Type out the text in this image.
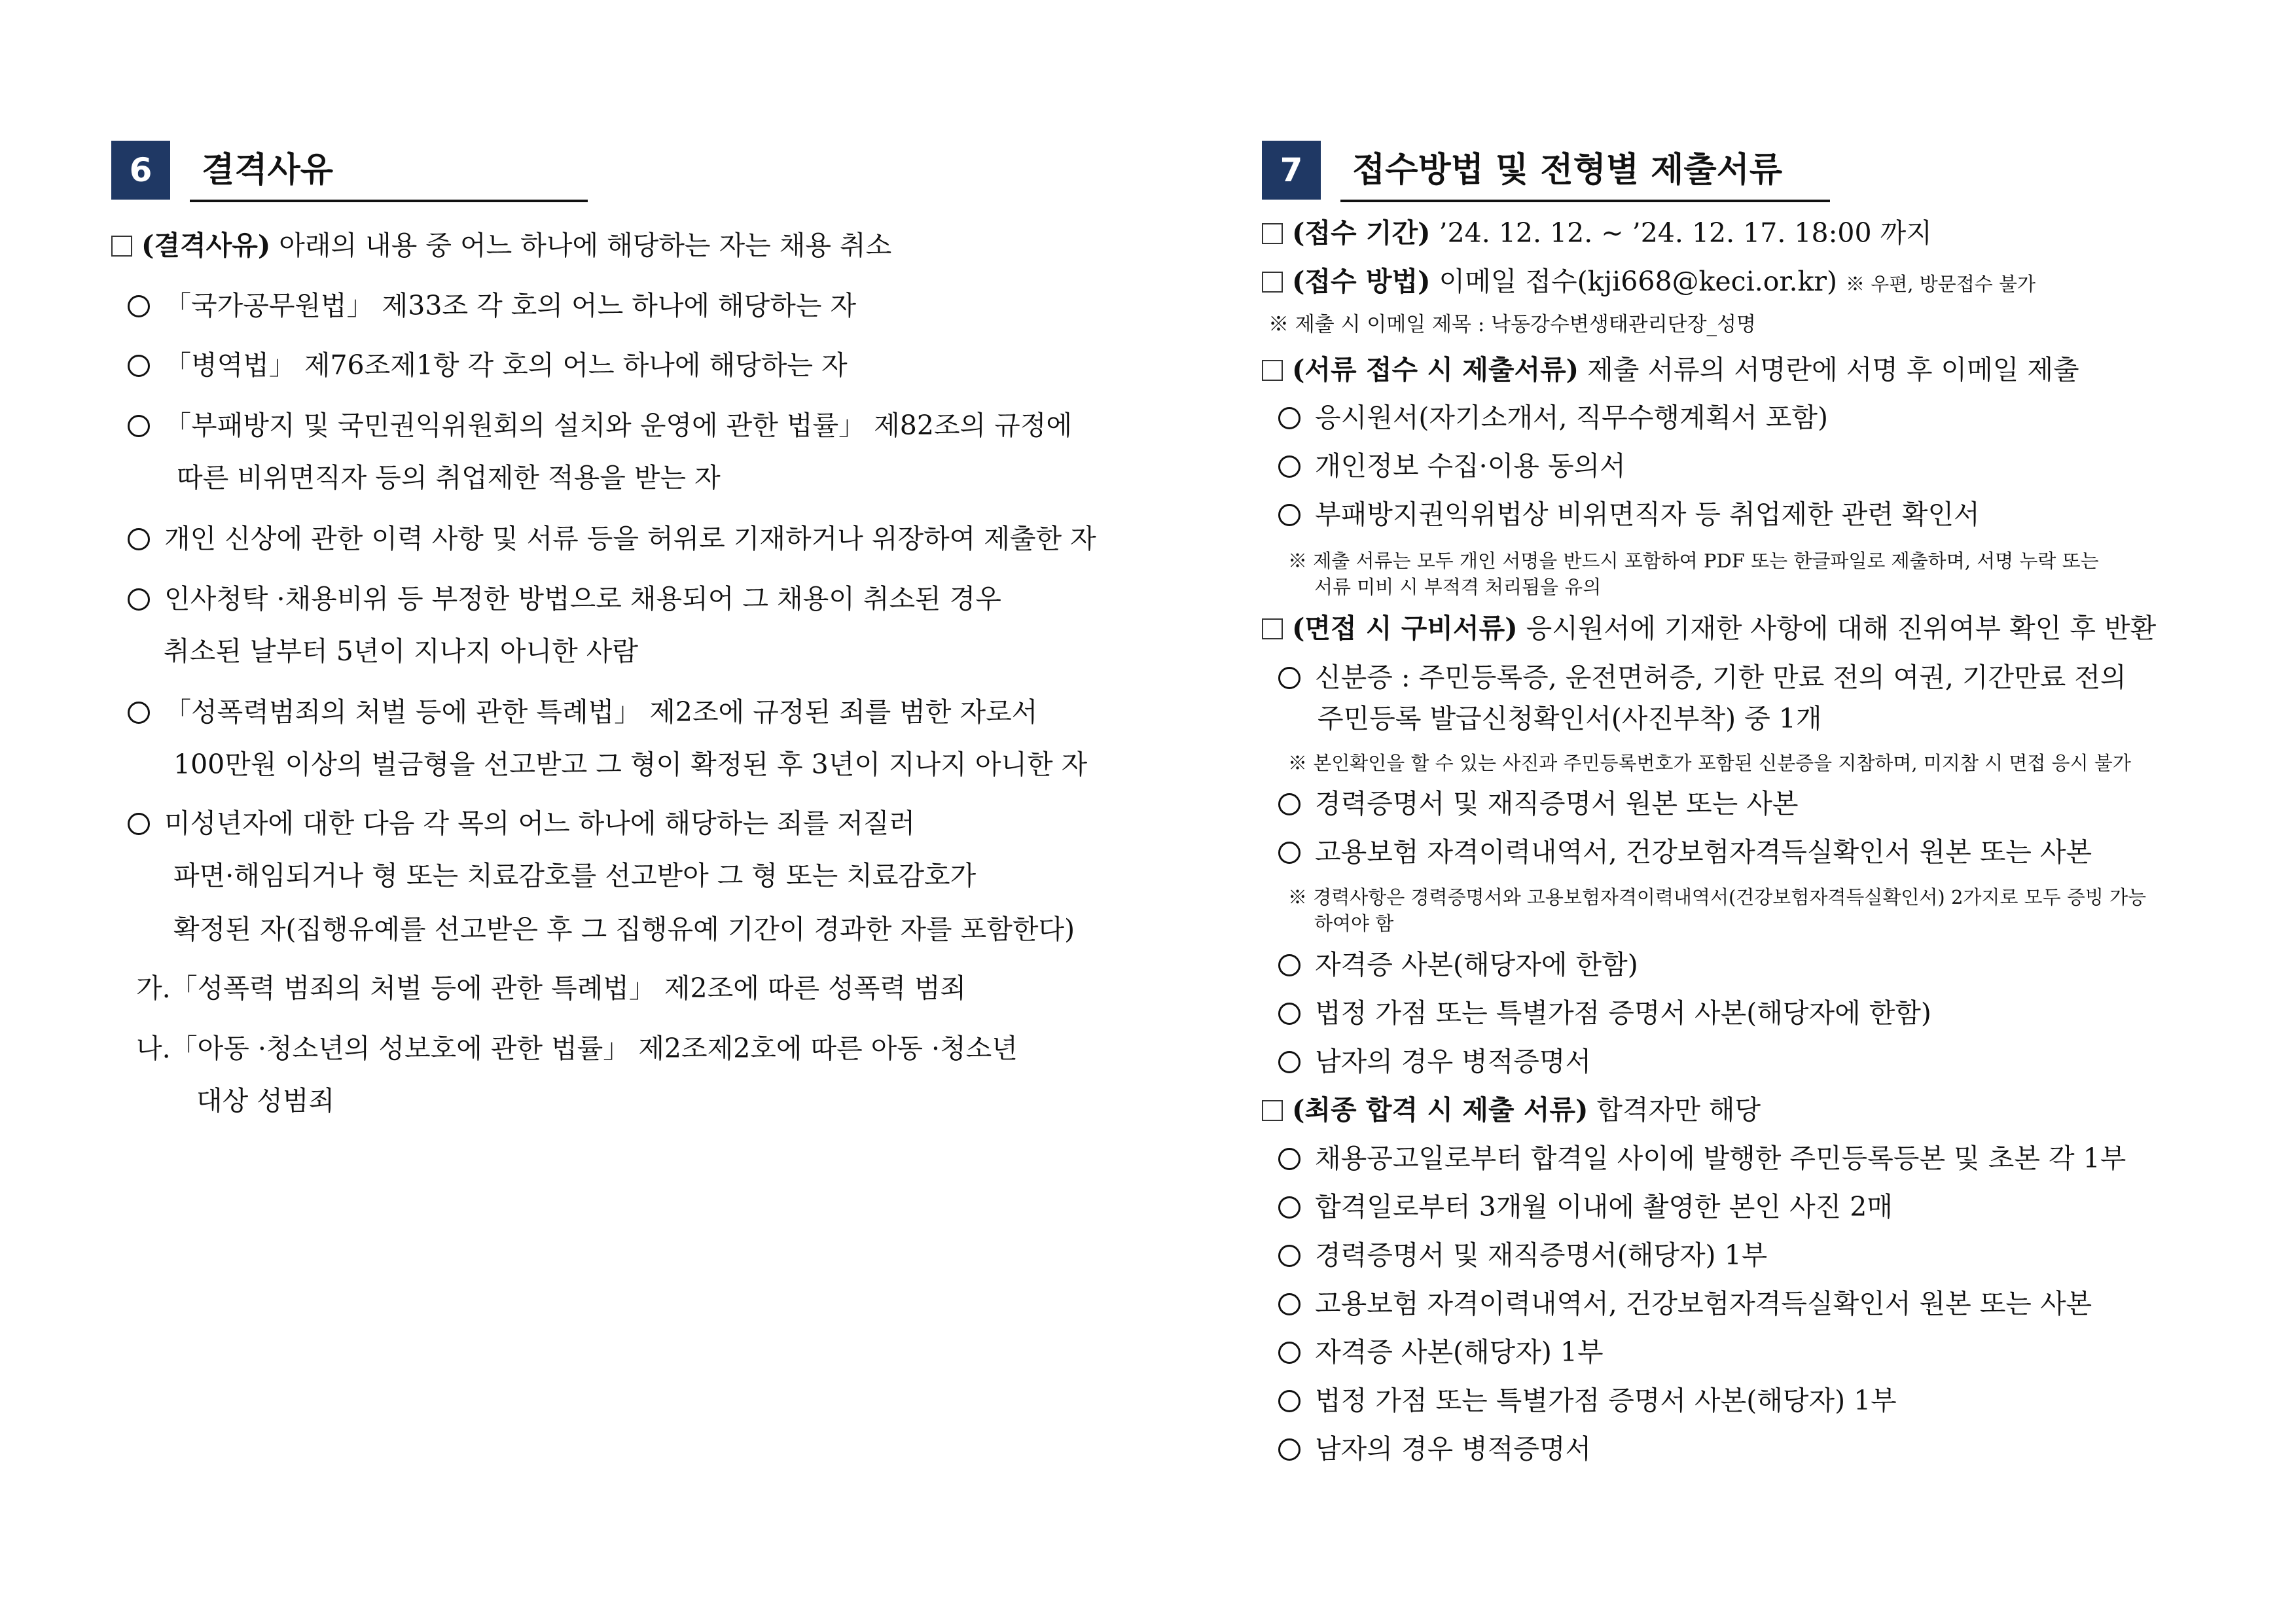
6	결격사유
(결격사유) 아래의 내용 중 어느 하나에 해당하는 자는 채용 취소
「국가공무원법」 제33조 각 호의 어느 하나에 해당하는 자
「병역법」 제76조제1항 각 호의 어느 하나에 해당하는 자
「부패방지 및 국민권익위원회의 설치와 운영에 관한 법률」 제82조의 규정에
따른 비위면직자 등의 취업제한 적용을 받는 자
개인 신상에 관한 이력 사항 및 서류 등을 허위로 기재하거나 위장하여 제출한 자
인사청탁 ·채용비위 등 부정한 방법으로 채용되어 그 채용이 취소된 경우
취소된 날부터 5년이 지나지 아니한 사람
「성폭력범죄의 처벌 등에 관한 특례법」 제2조에 규정된 죄를 범한 자로서
100만원 이상의 벌금형을 선고받고 그 형이 확정된 후 3년이 지나지 아니한 자
미성년자에 대한 다음 각 목의 어느 하나에 해당하는 죄를 저질러
파면·해임되거나 형 또는 치료감호를 선고받아 그 형 또는 치료감호가
확정된 자(집행유예를 선고받은 후 그 집행유예 기간이 경과한 자를 포함한다)
가.「성폭력 범죄의 처벌 등에 관한 특례법」 제2조에 따른 성폭력 범죄
나.「아동 ·청소년의 성보호에 관한 법률」 제2조제2호에 따른 아동 ·청소년
대상 성범죄
7	접수방법 및 전형별 제출서류
(접수 기간) ’24. 12. 12. ~ ’24. 12. 17. 18:00 까지
(접수 방법) 이메일 접수(kji668@keci.or.kr) ※ 우편, 방문접수 불가
※ 제출 시 이메일 제목 : 낙동강수변생태관리단장_성명
(서류 접수 시 제출서류) 제출 서류의 서명란에 서명 후 이메일 제출
응시원서(자기소개서, 직무수행계획서 포함)
개인정보 수집·이용 동의서
부패방지권익위법상 비위면직자 등 취업제한 관련 확인서
※ 제출 서류는 모두 개인 서명을 반드시 포함하여 PDF 또는 한글파일로 제출하며, 서명 누락 또는
서류 미비 시 부적격 처리됨을 유의
(면접 시 구비서류) 응시원서에 기재한 사항에 대해 진위여부 확인 후 반환
신분증 : 주민등록증, 운전면허증, 기한 만료 전의 여권, 기간만료 전의
주민등록 발급신청확인서(사진부착) 중 1개
※ 본인확인을 할 수 있는 사진과 주민등록번호가 포함된 신분증을 지참하며, 미지참 시 면접 응시 불가
경력증명서 및 재직증명서 원본 또는 사본
고용보험 자격이력내역서, 건강보험자격득실확인서 원본 또는 사본
※ 경력사항은 경력증명서와 고용보험자격이력내역서(건강보험자격득실확인서) 2가지로 모두 증빙 가능
하여야 함
자격증 사본(해당자에 한함)
법정 가점 또는 특별가점 증명서 사본(해당자에 한함)
남자의 경우 병적증명서
(최종 합격 시 제출 서류) 합격자만 해당
채용공고일로부터 합격일 사이에 발행한 주민등록등본 및 초본 각 1부
합격일로부터 3개월 이내에 촬영한 본인 사진 2매
경력증명서 및 재직증명서(해당자) 1부
고용보험 자격이력내역서, 건강보험자격득실확인서 원본 또는 사본
자격증 사본(해당자) 1부
법정 가점 또는 특별가점 증명서 사본(해당자) 1부
남자의 경우 병적증명서
